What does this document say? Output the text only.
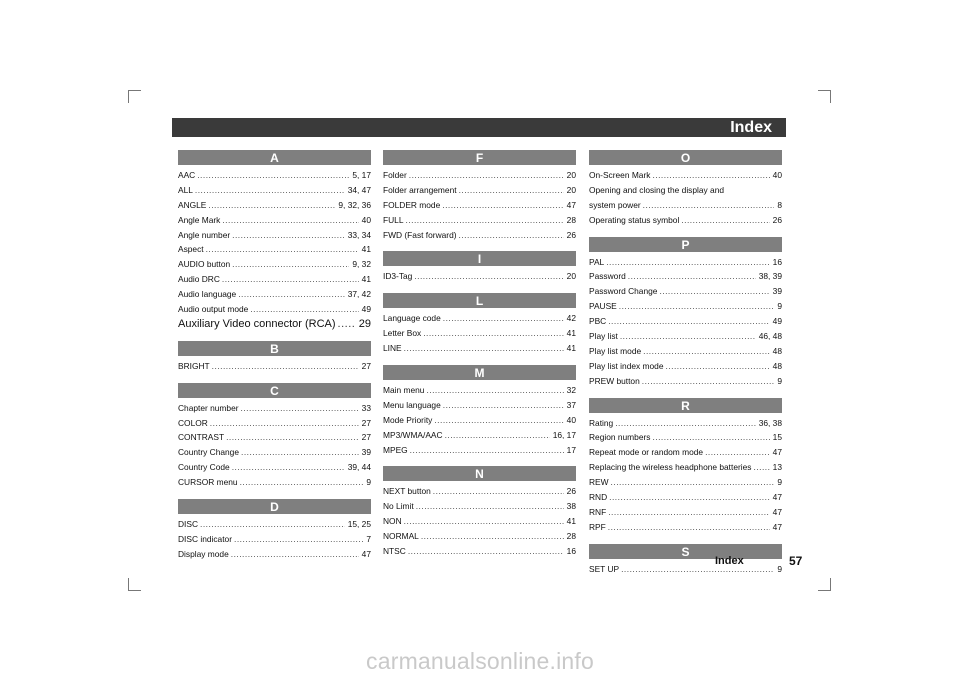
Index
A
AAC .....	5, 17
ALL .....	34, 47
ANGLE .....	9, 32, 36
Angle Mark .....	40
Angle number .....	33, 34
Aspect .....	41
AUDIO button .....	9, 32
Audio DRC .....	41
Audio language .....	37, 42
Audio output mode .....	49
Auxiliary Video connector (RCA) ..... 29
B
BRIGHT .....	27
C
Chapter number .....	33
COLOR .....	27
CONTRAST .....	27
Country Change .....	39
Country Code .....	39, 44
CURSOR menu .....	9
D
DISC .....	15, 25
DISC indicator .....	7
Display mode .....	47
F
Folder .....	20
Folder arrangement .....	20
FOLDER mode .....	47
FULL .....	28
FWD (Fast forward) .....	26
I
ID3-Tag .....	20
L
Language code .....	42
Letter Box .....	41
LINE .....	41
M
Main menu .....	32
Menu language .....	37
Mode Priority .....	40
MP3/WMA/AAC .....	16, 17
MPEG .....	17
N
NEXT button .....	26
No Limit .....	38
NON .....	41
NORMAL .....	28
NTSC .....	16
O
On-Screen Mark .....	40
Opening and closing the display and
system power .....	8
Operating status symbol .....	26
P
PAL .....	16
Password .....	38, 39
Password Change .....	39
PAUSE .....	9
PBC .....	49
Play list .....	46, 48
Play list mode .....	48
Play list index mode .....	48
PREW button .....	9
R
Rating .....	36, 38
Region numbers .....	15
Repeat mode or random mode .....	47
Replacing the wireless headphone batteries .....	13
REW .....	9
RND .....	47
RNF .....	47
RPF .....	47
S
SET UP .....	9
Index	57
carmanualsonline.info
